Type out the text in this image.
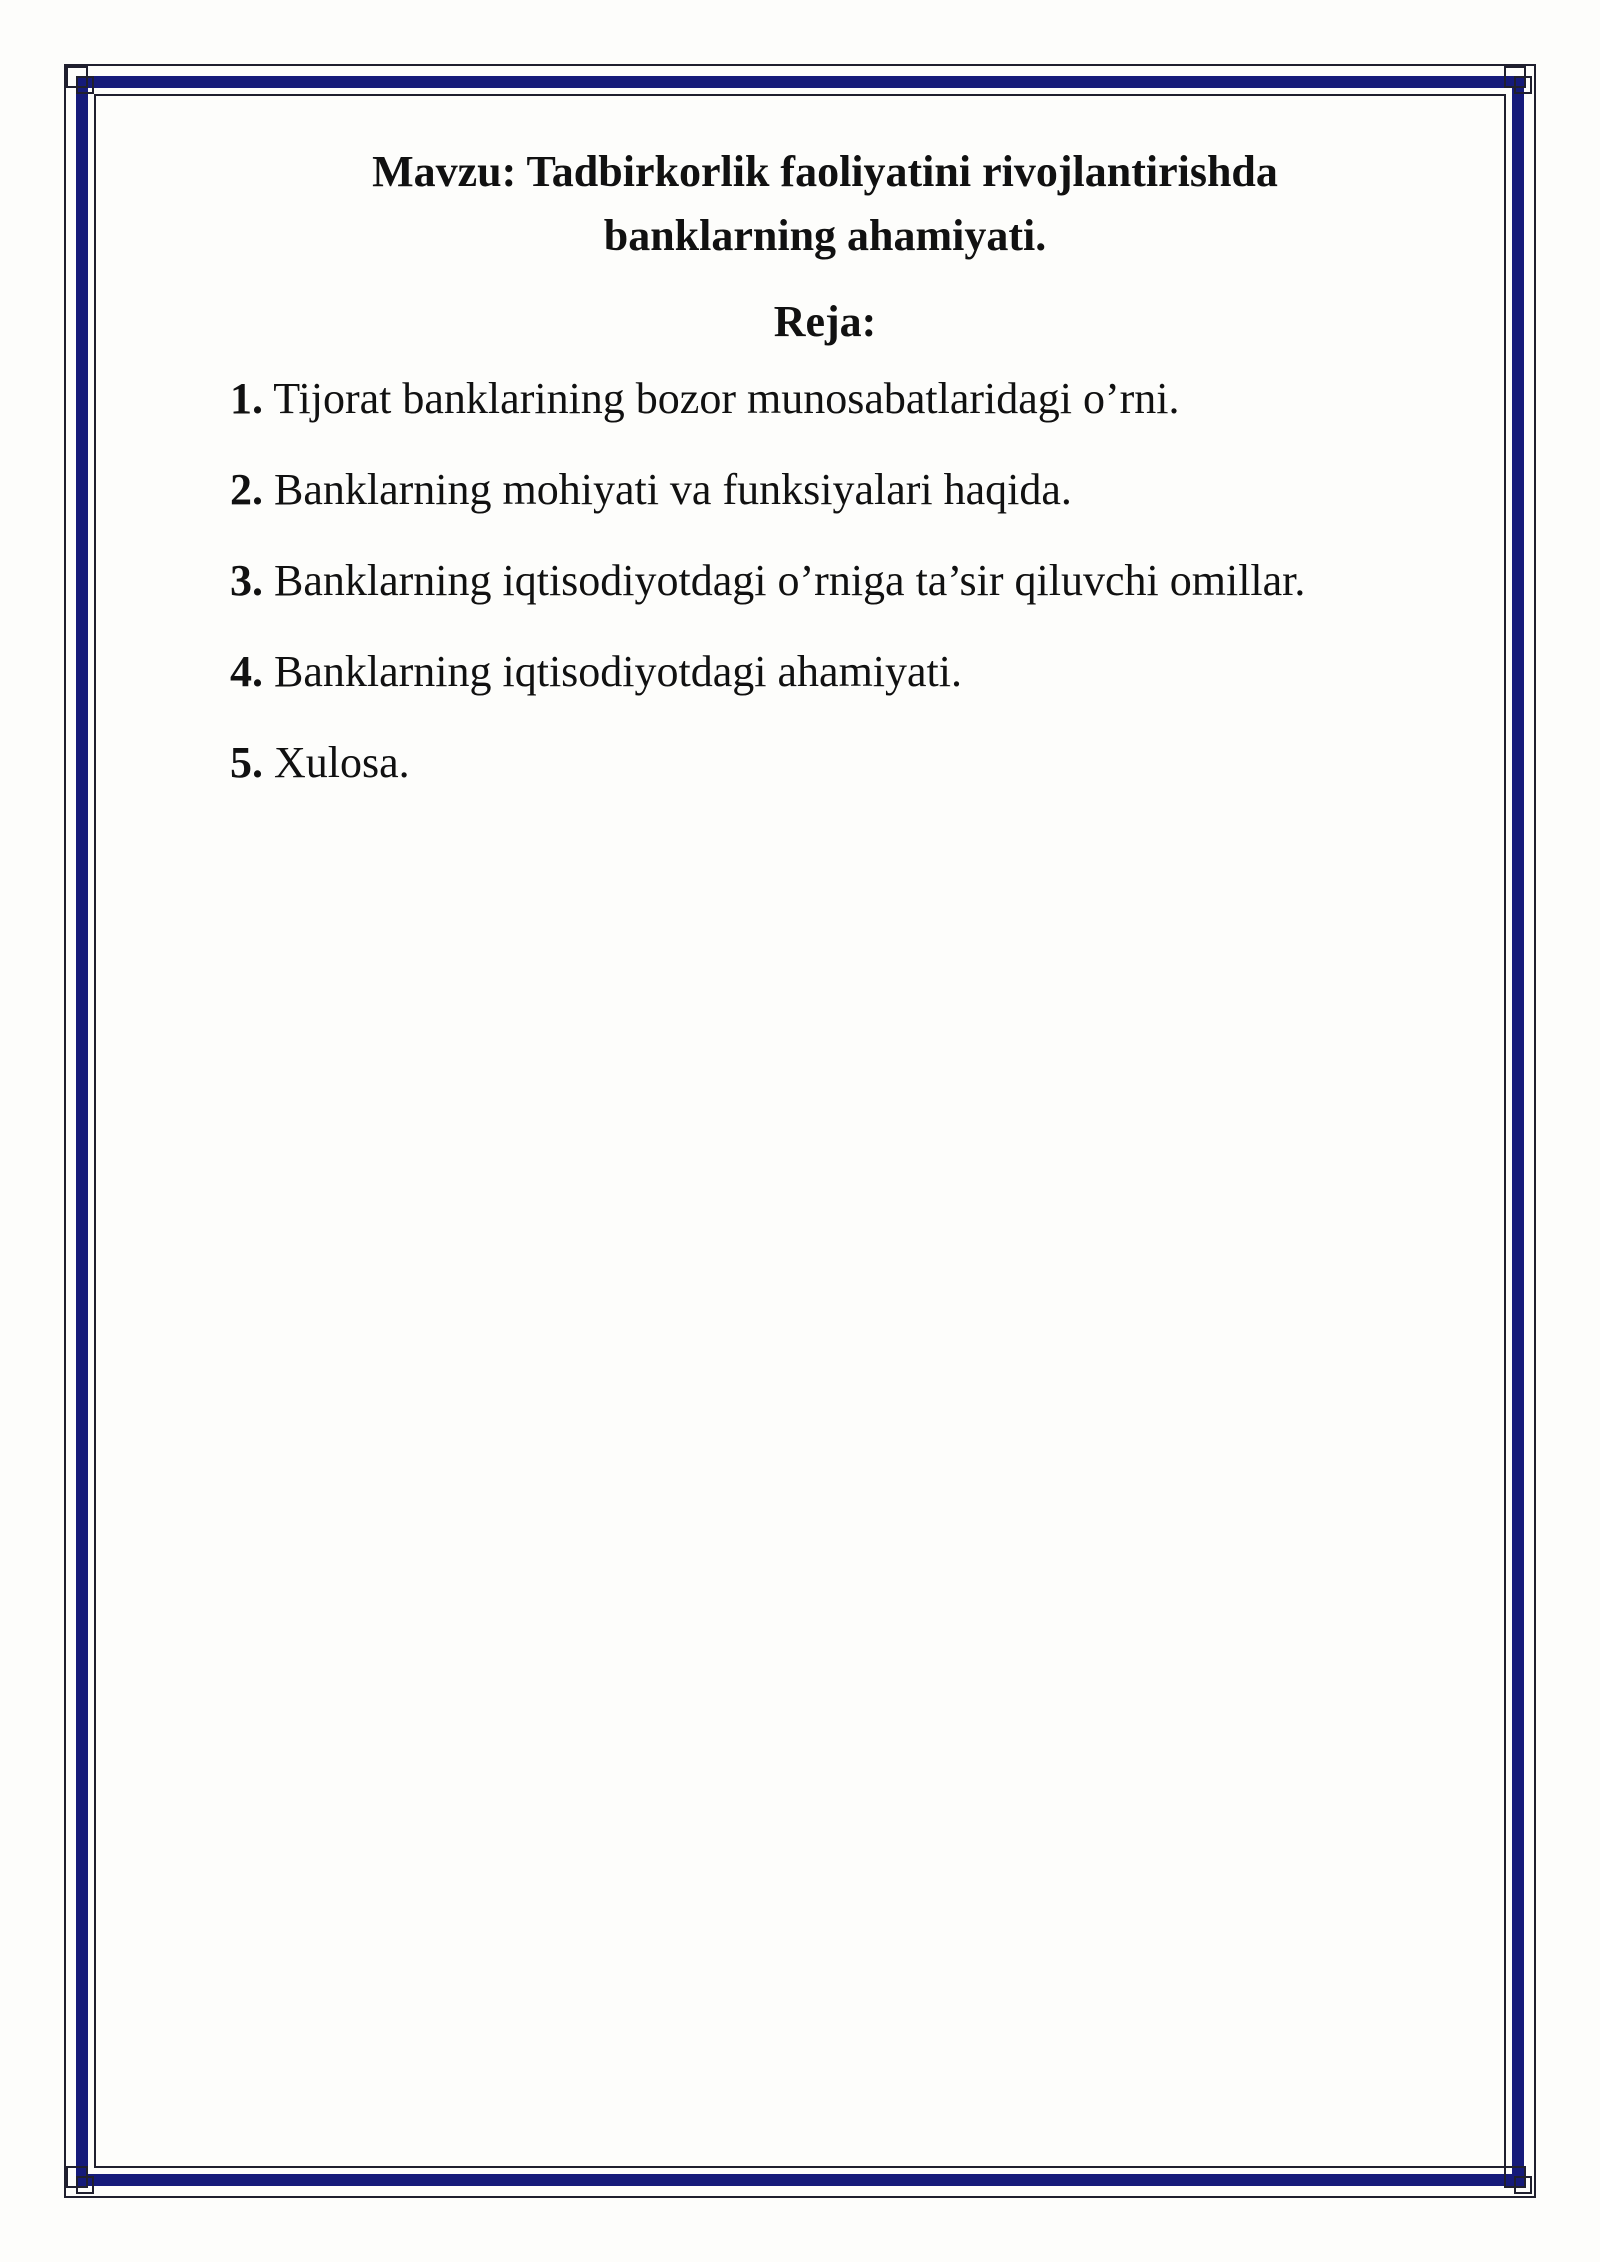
Mavzu: Tadbirkorlik faoliyatini rivojlantirishda banklarning ahamiyati.
Reja:
1. Tijorat banklarining bozor munosabatlaridagi o’rni.
2. Banklarning mohiyati va funksiyalari haqida.
3. Banklarning iqtisodiyotdagi o’rniga ta’sir qiluvchi omillar.
4. Banklarning iqtisodiyotdagi ahamiyati.
5. Xulosa.
